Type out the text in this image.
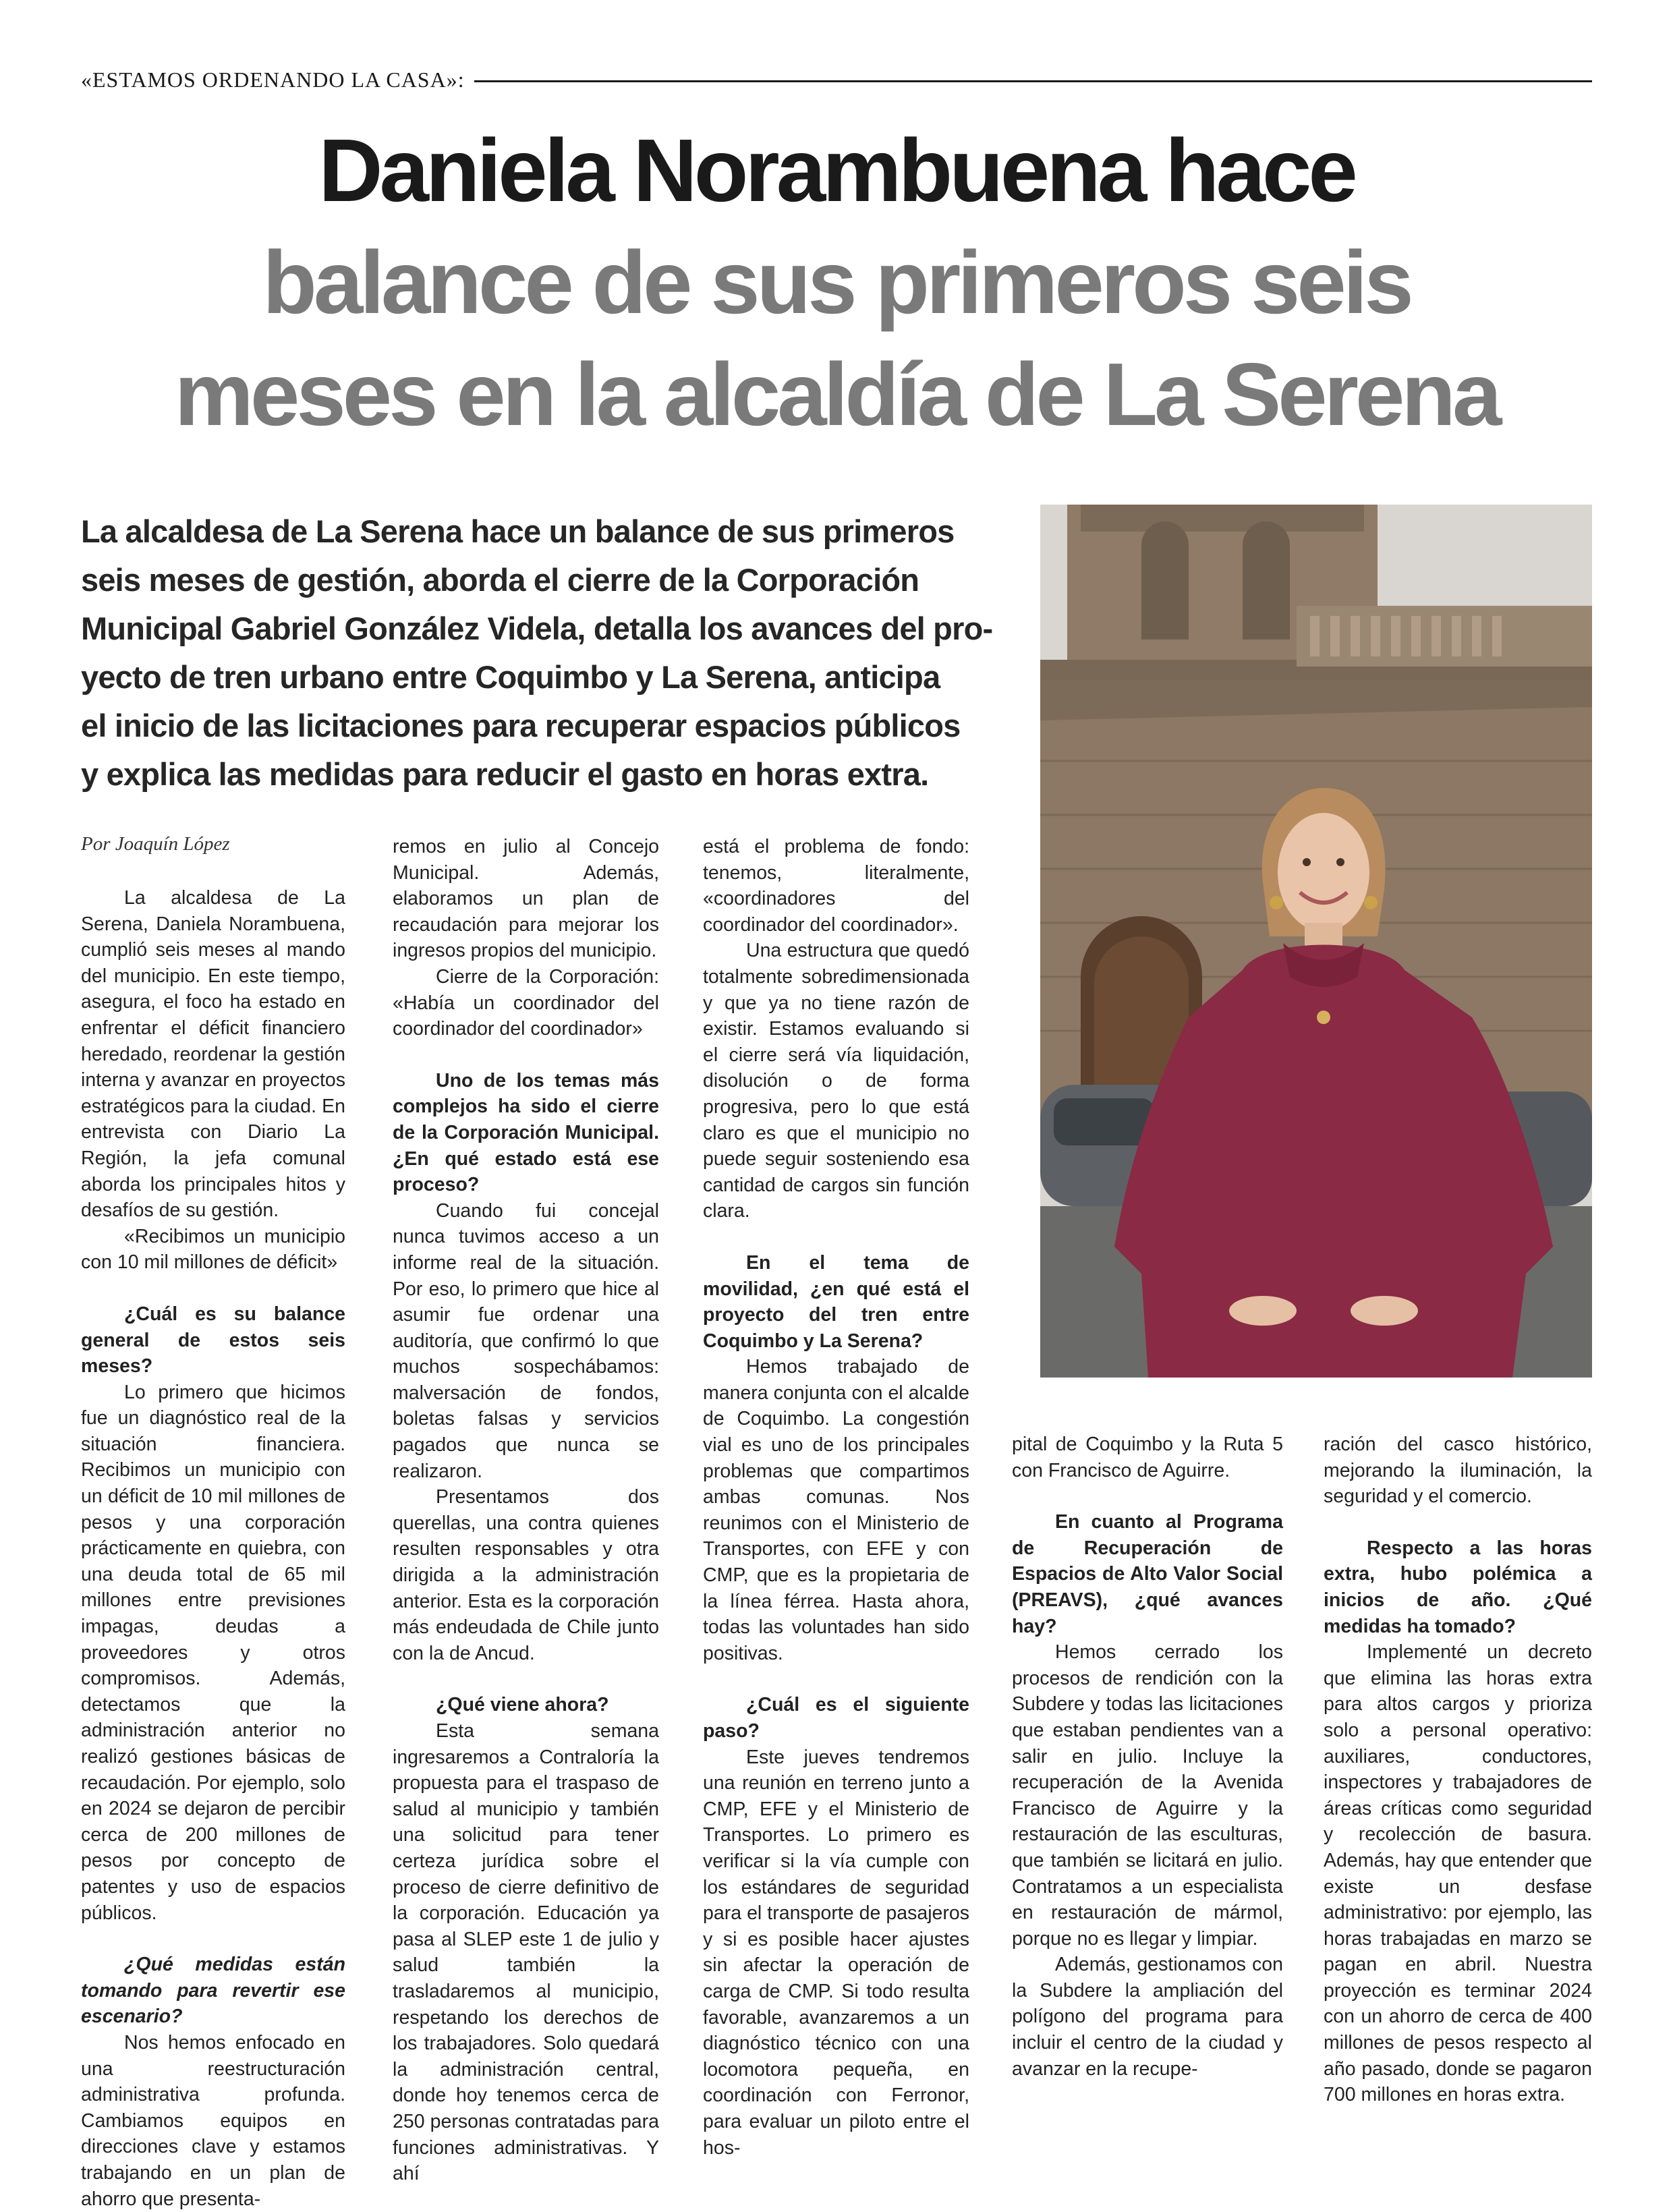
«ESTAMOS ORDENANDO LA CASA»:
Daniela Norambuena hace
balance de sus primeros seis
meses en la alcaldía de La Serena
La alcaldesa de La Serena hace un balance de sus primeros
seis meses de gestión, aborda el cierre de la Corporación
Municipal Gabriel González Videla, detalla los avances del pro-
yecto de tren urbano entre Coquimbo y La Serena, anticipa
el inicio de las licitaciones para recuperar espacios públicos
y explica las medidas para reducir el gasto en horas extra.
Por Joaquín López

La alcaldesa de La Serena, Daniela Norambuena, cumplió seis meses al mando del municipio. En este tiempo, asegura, el foco ha estado en enfrentar el déficit financiero heredado, reordenar la gestión interna y avanzar en proyectos estratégicos para la ciudad. En entrevista con Diario La Región, la jefa comunal aborda los principales hitos y desafíos de su gestión.

«Recibimos un municipio con 10 mil millones de déficit»

¿Cuál es su balance general de estos seis meses?

Lo primero que hicimos fue un diagnóstico real de la situación financiera. Recibimos un municipio con un déficit de 10 mil millones de pesos y una corporación prácticamente en quiebra, con una deuda total de 65 mil millones entre previsiones impagas, deudas a proveedores y otros compromisos. Además, detectamos que la administración anterior no realizó gestiones básicas de recaudación. Por ejemplo, solo en 2024 se dejaron de percibir cerca de 200 millones de pesos por concepto de patentes y uso de espacios públicos.

¿Qué medidas están tomando para revertir ese escenario?

Nos hemos enfocado en una reestructuración administrativa profunda. Cambiamos equipos en direcciones clave y estamos trabajando en un plan de ahorro que presenta-

remos en julio al Concejo Municipal. Además, elaboramos un plan de recaudación para mejorar los ingresos propios del municipio.

Cierre de la Corporación: «Había un coordinador del coordinador del coordinador»

Uno de los temas más complejos ha sido el cierre de la Corporación Municipal. ¿En qué estado está ese proceso?

Cuando fui concejal nunca tuvimos acceso a un informe real de la situación. Por eso, lo primero que hice al asumir fue ordenar una auditoría, que confirmó lo que muchos sospechábamos: malversación de fondos, boletas falsas y servicios pagados que nunca se realizaron.

Presentamos dos querellas, una contra quienes resulten responsables y otra dirigida a la administración anterior. Esta es la corporación más endeudada de Chile junto con la de Ancud.

¿Qué viene ahora?

Esta semana ingresaremos a Contraloría la propuesta para el traspaso de salud al municipio y también una solicitud para tener certeza jurídica sobre el proceso de cierre definitivo de la corporación. Educación ya pasa al SLEP este 1 de julio y salud también la trasladaremos al municipio, respetando los derechos de los trabajadores. Solo quedará la administración central, donde hoy tenemos cerca de 250 personas contratadas para funciones administrativas. Y ahí

está el problema de fondo: tenemos, literalmente, «coordinadores del coordinador del coordinador».

Una estructura que quedó totalmente sobredimensionada y que ya no tiene razón de existir. Estamos evaluando si el cierre será vía liquidación, disolución o de forma progresiva, pero lo que está claro es que el municipio no puede seguir sosteniendo esa cantidad de cargos sin función clara.

En el tema de movilidad, ¿en qué está el proyecto del tren entre Coquimbo y La Serena?

Hemos trabajado de manera conjunta con el alcalde de Coquimbo. La congestión vial es uno de los principales problemas que compartimos ambas comunas. Nos reunimos con el Ministerio de Transportes, con EFE y con CMP, que es la propietaria de la línea férrea. Hasta ahora, todas las voluntades han sido positivas.

¿Cuál es el siguiente paso?

Este jueves tendremos una reunión en terreno junto a CMP, EFE y el Ministerio de Transportes. Lo primero es verificar si la vía cumple con los estándares de seguridad para el transporte de pasajeros y si es posible hacer ajustes sin afectar la operación de carga de CMP. Si todo resulta favorable, avanzaremos a un diagnóstico técnico con una locomotora pequeña, en coordinación con Ferronor, para evaluar un piloto entre el hos-

pital de Coquimbo y la Ruta 5 con Francisco de Aguirre.

En cuanto al Programa de Recuperación de Espacios de Alto Valor Social (PREAVS), ¿qué avances hay?

Hemos cerrado los procesos de rendición con la Subdere y todas las licitaciones que estaban pendientes van a salir en julio. Incluye la recuperación de la Avenida Francisco de Aguirre y la restauración de las esculturas, que también se licitará en julio. Contratamos a un especialista en restauración de mármol, porque no es llegar y limpiar.

Además, gestionamos con la Subdere la ampliación del polígono del programa para incluir el centro de la ciudad y avanzar en la recupe-

ración del casco histórico, mejorando la iluminación, la seguridad y el comercio.

Respecto a las horas extra, hubo polémica a inicios de año. ¿Qué medidas ha tomado?

Implementé un decreto que elimina las horas extra para altos cargos y prioriza solo a personal operativo: auxiliares, conductores, inspectores y trabajadores de áreas críticas como seguridad y recolección de basura. Además, hay que entender que existe un desfase administrativo: por ejemplo, las horas trabajadas en marzo se pagan en abril. Nuestra proyección es terminar 2024 con un ahorro de cerca de 400 millones de pesos respecto al año pasado, donde se pagaron 700 millones en horas extra.
